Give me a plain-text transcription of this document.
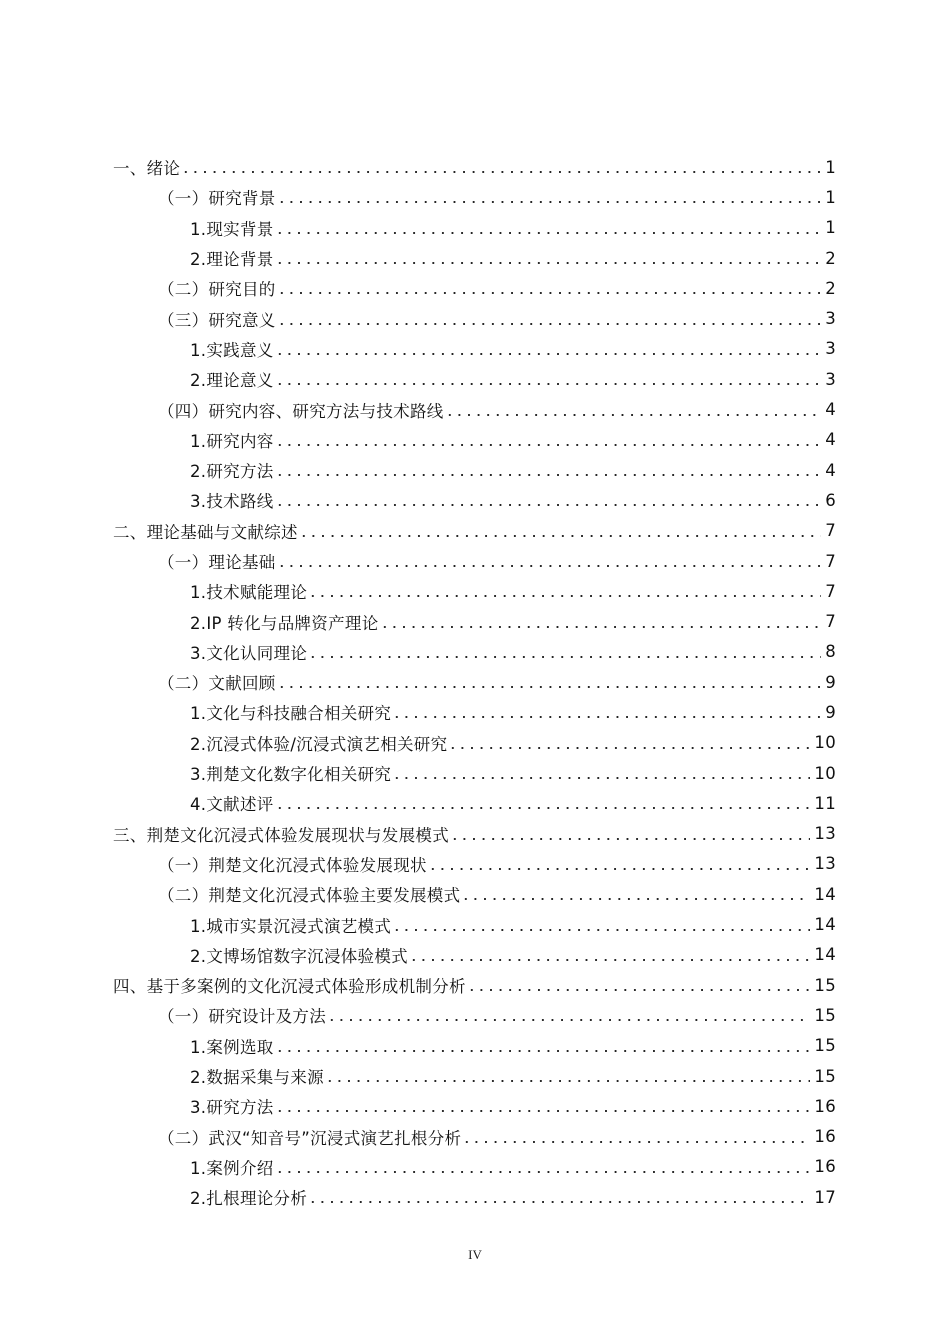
一、绪论	1
（一）研究背景	1
1.现实背景	1
2.理论背景	2
（二）研究目的	2
（三）研究意义	3
1.实践意义	3
2.理论意义	3
（四）研究内容、研究方法与技术路线	4
1.研究内容	4
2.研究方法	4
3.技术路线	6
二、理论基础与文献综述	7
（一）理论基础	7
1.技术赋能理论	7
2.IP 转化与品牌资产理论	7
3.文化认同理论	8
（二）文献回顾	9
1.文化与科技融合相关研究	9
2.沉浸式体验/沉浸式演艺相关研究	10
3.荆楚文化数字化相关研究	10
4.文献述评	11
三、荆楚文化沉浸式体验发展现状与发展模式	13
（一）荆楚文化沉浸式体验发展现状	13
（二）荆楚文化沉浸式体验主要发展模式	14
1.城市实景沉浸式演艺模式	14
2.文博场馆数字沉浸体验模式	14
四、基于多案例的文化沉浸式体验形成机制分析	15
（一）研究设计及方法	15
1.案例选取	15
2.数据采集与来源	15
3.研究方法	16
（二）武汉“知音号”沉浸式演艺扎根分析	16
1.案例介绍	16
2.扎根理论分析	17
IV
